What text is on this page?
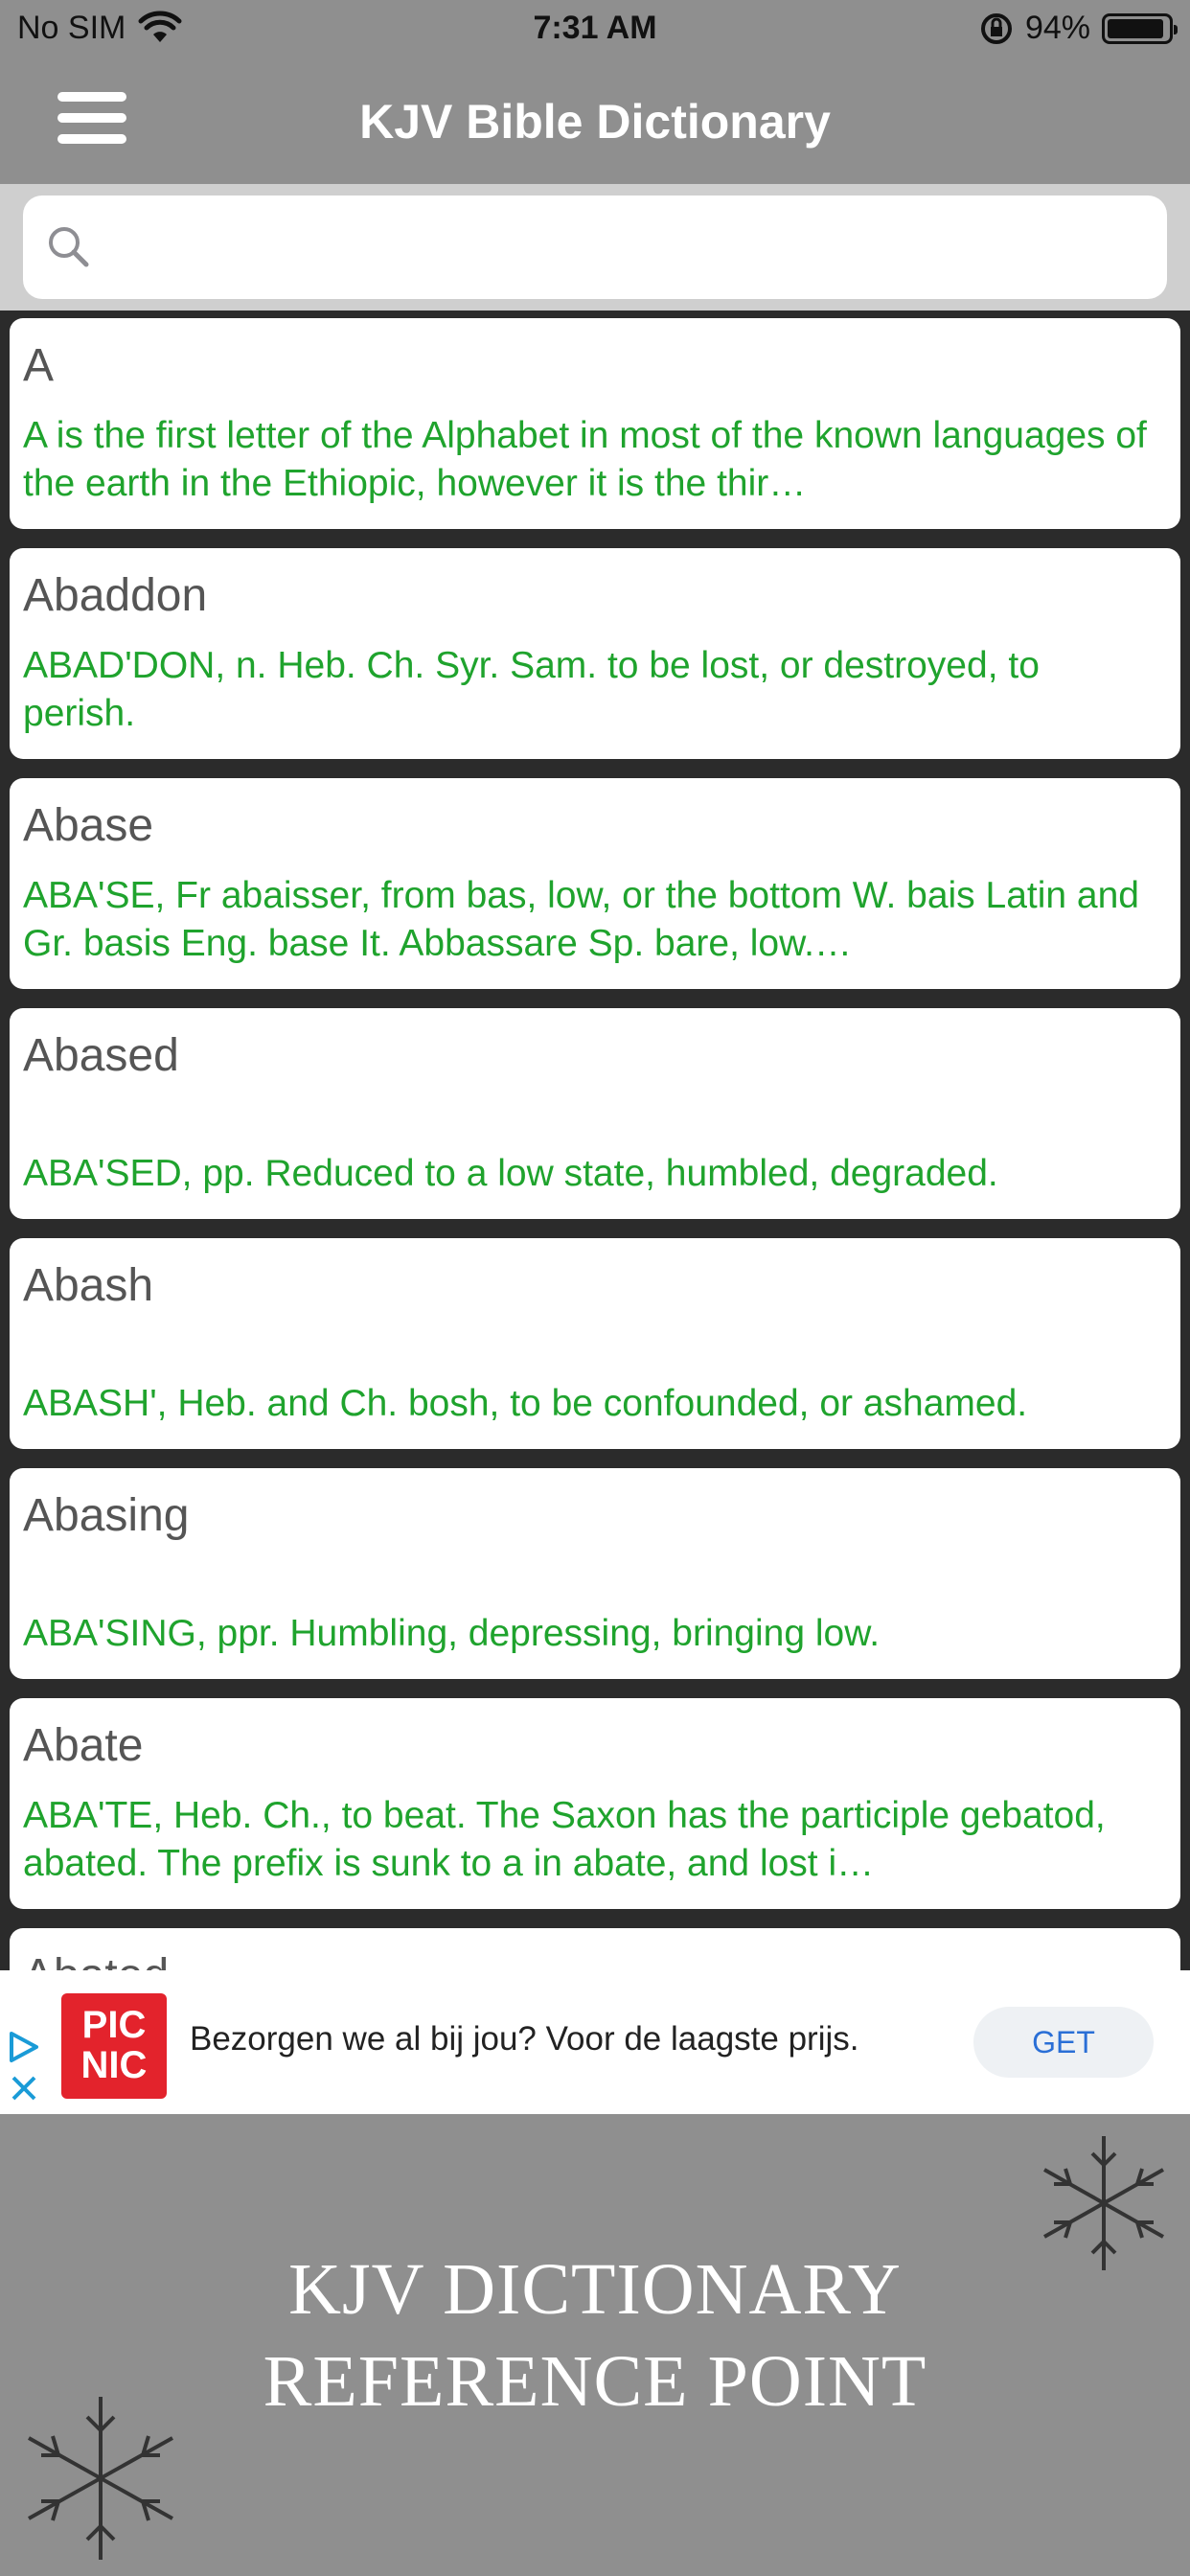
No SIM	7:31 AM	94%
KJV Bible Dictionary
A
A is the first letter of the Alphabet in most of the known languages of the earth in the Ethiopic, however it is the thir…
Abaddon
ABAD'DON, n. Heb. Ch. Syr. Sam. to be lost, or destroyed, to perish.
Abase
ABA'SE, Fr abaisser, from bas, low, or the bottom W. bais Latin and Gr. basis Eng. base It. Abbassare Sp. bare, low.…
Abased
ABA'SED, pp. Reduced to a low state, humbled, degraded.
Abash
ABASH', Heb. and Ch. bosh, to be confounded, or ashamed.
Abasing
ABA'SING, ppr. Humbling, depressing, bringing low.
Abate
ABA'TE, Heb. Ch., to beat. The Saxon has the participle gebatod, abated. The prefix is sunk to a in abate, and lost i…
PIC
NIC
Bezorgen we al bij jou? Voor de laagste prijs.	GET
KJV DICTIONARY
REFERENCE POINT
